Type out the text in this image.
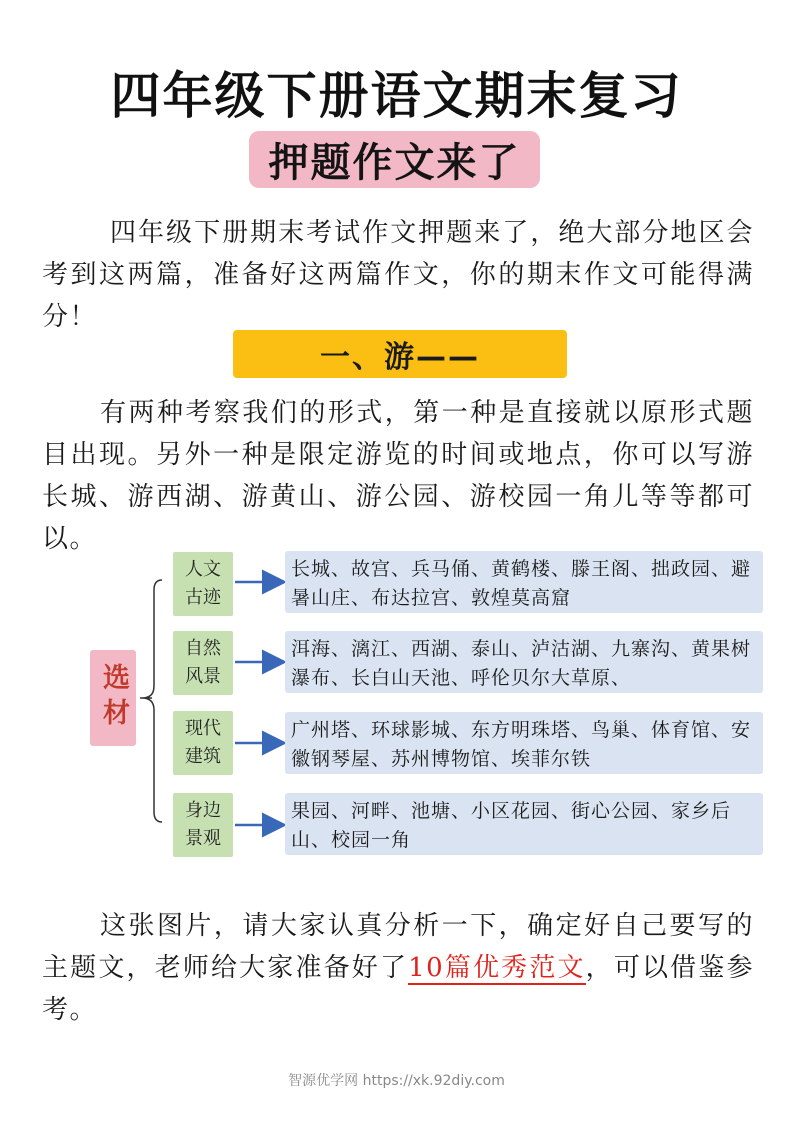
四年级下册语文期末复习
押题作文来了
四年级下册期末考试作文押题来了，绝大部分地区会考到这两篇，准备好这两篇作文，你的期末作文可能得满分！
一、游——
有两种考察我们的形式，第一种是直接就以原形式题目出现。另外一种是限定游览的时间或地点，你可以写游长城、游西湖、游黄山、游公园、游校园一角儿等等都可以。
选材
人文
古迹
长城、故宫、兵马俑、黄鹤楼、滕王阁、拙政园、避暑山庄、布达拉宫、敦煌莫高窟
自然
风景
洱海、漓江、西湖、泰山、泸沽湖、九寨沟、黄果树瀑布、长白山天池、呼伦贝尔大草原、
现代
建筑
广州塔、环球影城、东方明珠塔、鸟巢、体育馆、安徽钢琴屋、苏州博物馆、埃菲尔铁
身边
景观
果园、河畔、池塘、小区花园、街心公园、家乡后山、校园一角
这张图片，请大家认真分析一下，确定好自己要写的主题文，老师给大家准备好了10篇优秀范文，可以借鉴参考。
智源优学网 https://xk.92diy.com
